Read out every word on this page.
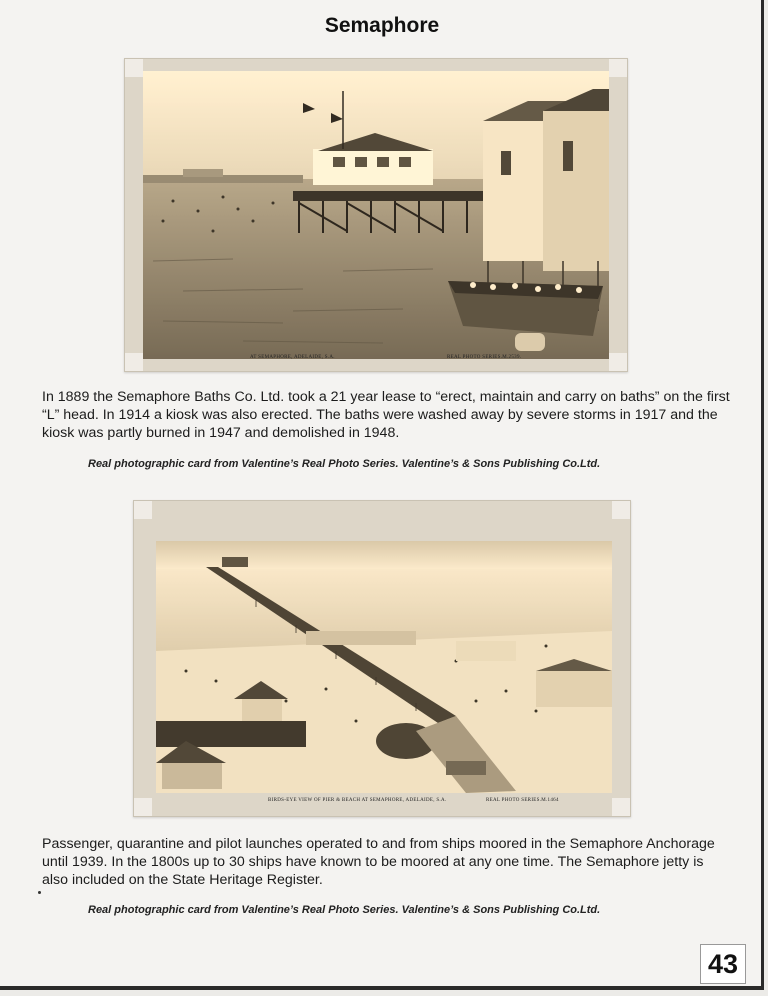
Semaphore
AT SEMAPHORE, ADELAIDE, S.A.	REAL PHOTO SERIES.M.2539.
In 1889 the Semaphore Baths Co. Ltd. took a 21 year lease to “erect, maintain and carry on baths” on the first “L” head. In 1914 a kiosk was also erected. The baths were washed away by severe storms in 1917 and the kiosk was partly burned in 1947 and demolished in 1948.
Real photographic card from Valentine’s Real Photo Series. Valentine’s & Sons Publishing Co.Ltd.
BIRDS-EYE VIEW OF PIER & BEACH AT SEMAPHORE, ADELAIDE, S.A.	REAL PHOTO SERIES.M.1464
Passenger, quarantine and pilot launches operated to and from ships moored in the Semaphore Anchorage until 1939. In the 1800s up to 30 ships have known to be moored at any one time. The Semaphore jetty is also included on the State Heritage Register.
Real photographic card from Valentine’s Real Photo Series. Valentine’s & Sons Publishing Co.Ltd.
43
